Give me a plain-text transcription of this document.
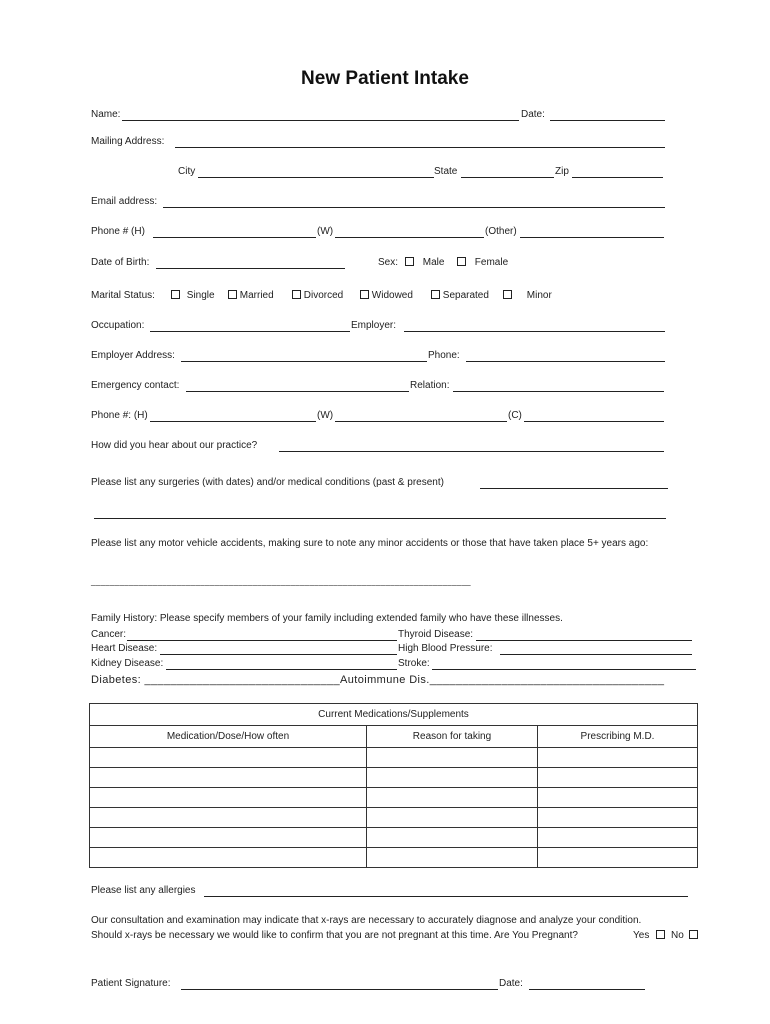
New Patient Intake
Name:	Date:
Mailing Address:
City	State	Zip
Email address:
Phone # (H)	(W)	(Other)
Date of Birth:	Sex:	Male	Female
Marital Status:	Single	Married	Divorced	Widowed	Separated	Minor
Occupation:	Employer:
Employer Address:	Phone:
Emergency contact:	Relation:
Phone #: (H)	(W)	(C)
How did you hear about our practice?
Please list any surgeries (with dates) and/or medical conditions (past & present)
Please list any motor vehicle accidents, making sure to note any minor accidents or those that have taken place 5+ years ago:
________________________________________________________________________________
Family History: Please specify members of your family including extended family who have these illnesses.
Cancer:	Thyroid Disease:
Heart Disease:	High Blood Pressure:
Kidney Disease:	Stroke:
Diabetes: ______________________________ Autoimmune Dis.____________________________________
Current Medications/Supplements		
Medication/Dose/How often	Reason for taking	Prescribing M.D.

Please list any allergies
Our consultation and examination may indicate that x-rays are necessary to accurately diagnose and analyze your condition.
Should x-rays be necessary we would like to confirm that you are not pregnant at this time. Are You Pregnant?	Yes	No
Patient Signature:	Date:
